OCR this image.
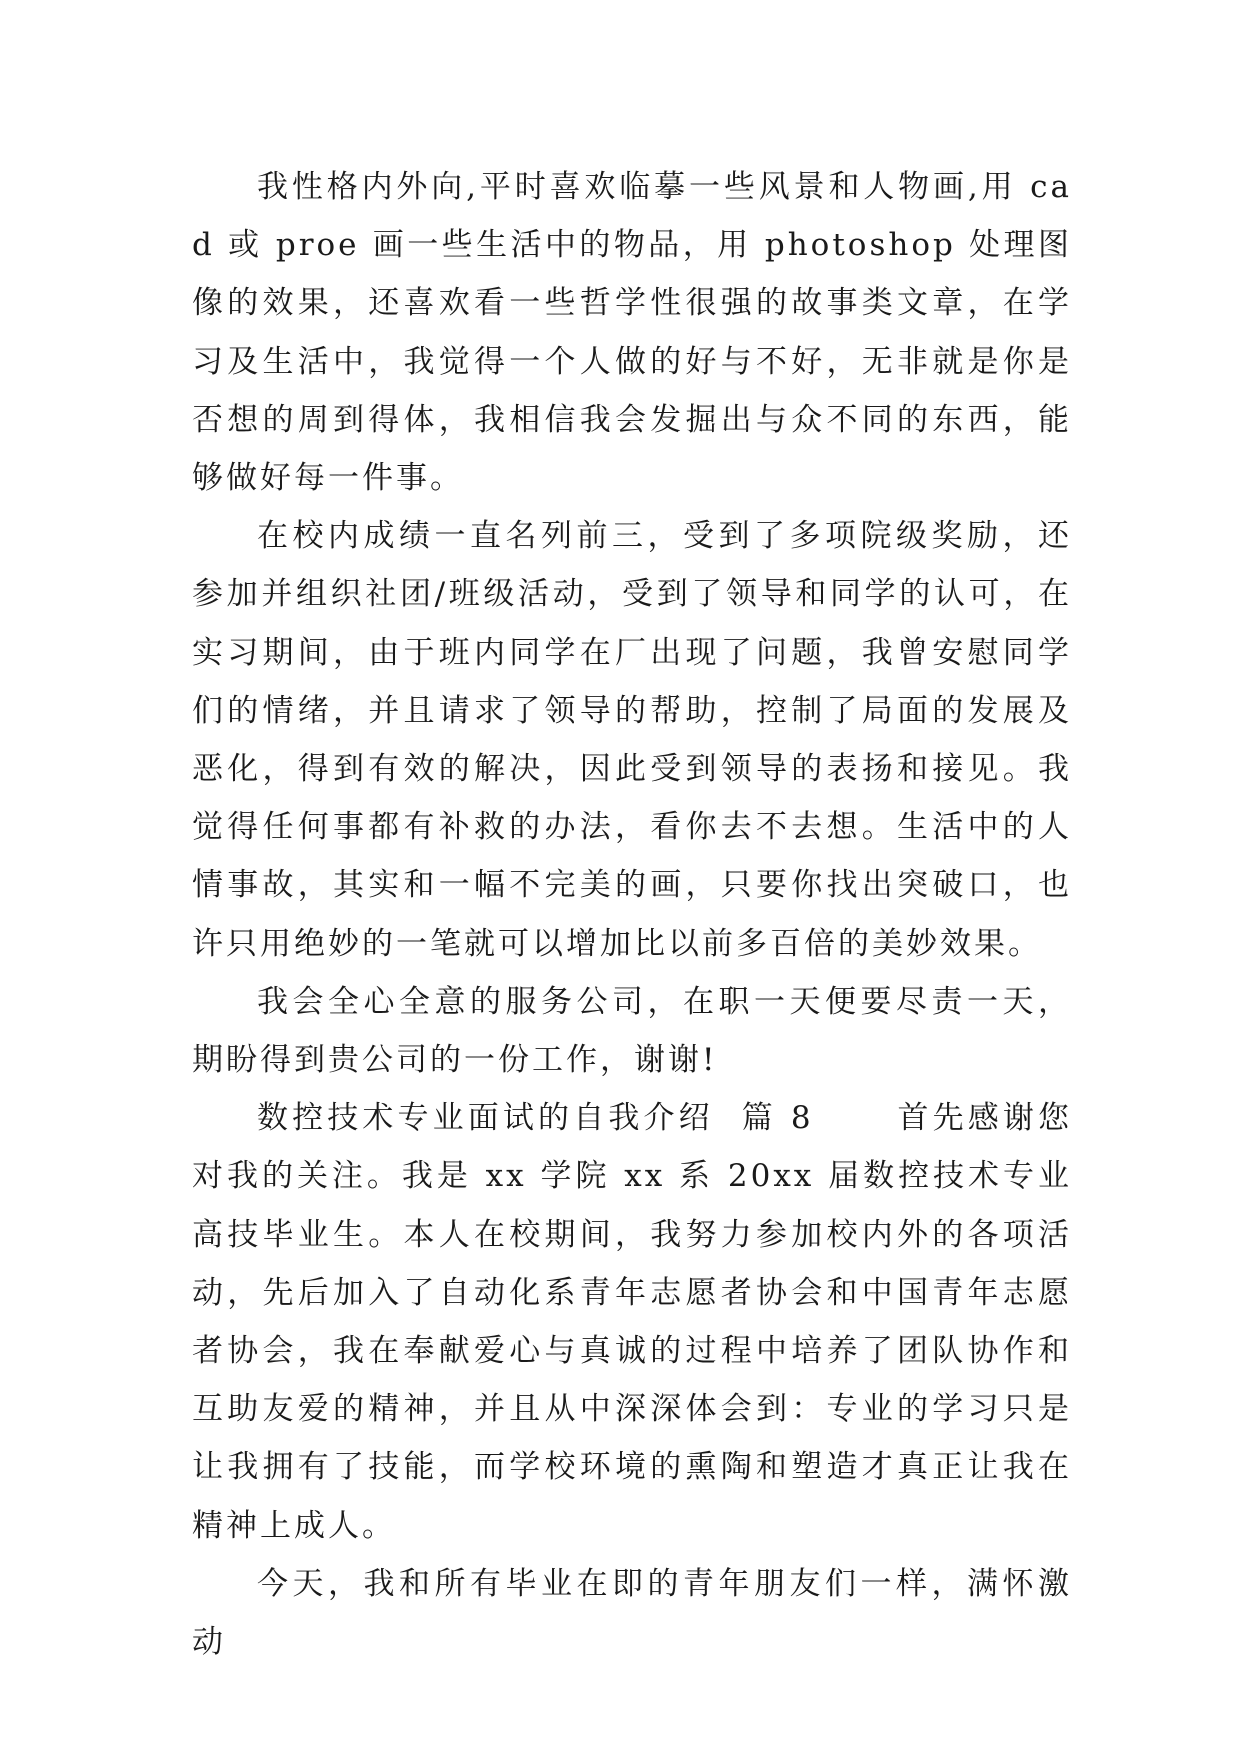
我性格内外向,平时喜欢临摹一些风景和人物画,用 cad 或 proe 画一些生活中的物品，用 photoshop 处理图像的效果，还喜欢看一些哲学性很强的故事类文章，在学习及生活中，我觉得一个人做的好与不好，无非就是你是否想的周到得体，我相信我会发掘出与众不同的东西，能够做好每一件事。

在校内成绩一直名列前三，受到了多项院级奖励，还参加并组织社团/班级活动，受到了领导和同学的认可，在实习期间，由于班内同学在厂出现了问题，我曾安慰同学们的情绪，并且请求了领导的帮助，控制了局面的发展及恶化，得到有效的解决，因此受到领导的表扬和接见。我觉得任何事都有补救的办法，看你去不去想。生活中的人情事故，其实和一幅不完美的画，只要你找出突破口，也许只用绝妙的一笔就可以增加比以前多百倍的美妙效果。

我会全心全意的服务公司，在职一天便要尽责一天，期盼得到贵公司的一份工作，谢谢!

数控技术专业面试的自我介绍  篇 8      首先感谢您对我的关注。我是 xx 学院 xx 系 20xx 届数控技术专业高技毕业生。本人在校期间，我努力参加校内外的各项活动，先后加入了自动化系青年志愿者协会和中国青年志愿者协会，我在奉献爱心与真诚的过程中培养了团队协作和互助友爱的精神，并且从中深深体会到：专业的学习只是让我拥有了技能，而学校环境的熏陶和塑造才真正让我在精神上成人。

今天，我和所有毕业在即的青年朋友们一样，满怀激动
